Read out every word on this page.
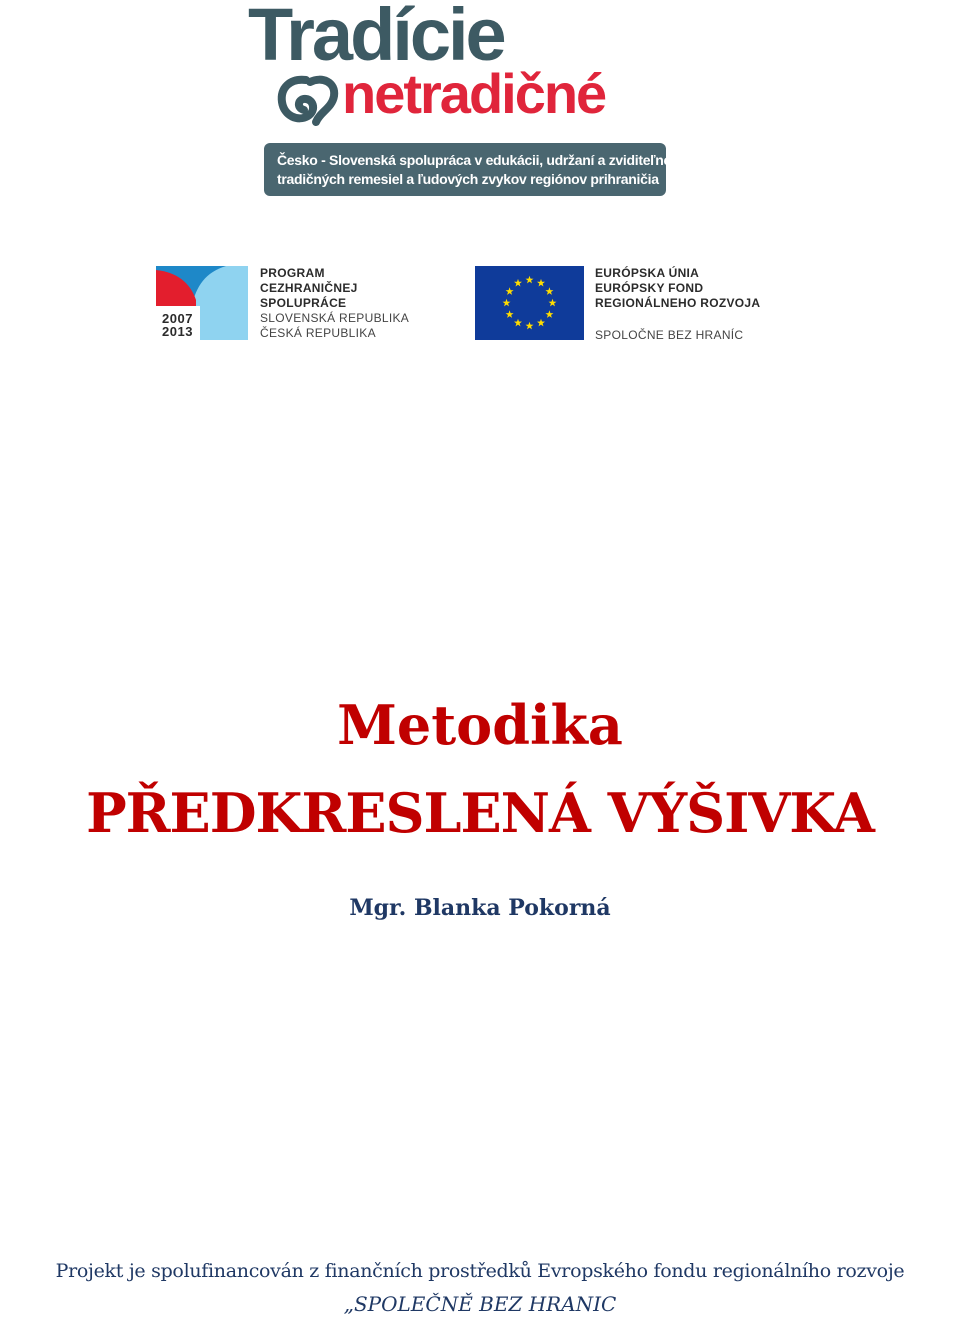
Tradície
netradičné
Česko - Slovenská spolupráca v edukácii, udržaní a zviditeľnení
tradičných remesiel a ľudových zvykov regiónov prihraničia
2007
2013
PROGRAM
CEZHRANIČNEJ
SPOLUPRÁCE
SLOVENSKÁ REPUBLIKA
ČESKÁ REPUBLIKA
EURÓPSKA ÚNIA
EURÓPSKY FOND
REGIONÁLNEHO ROZVOJA
SPOLOČNE BEZ HRANÍC
Metodika
PŘEDKRESLENÁ VÝŠIVKA
Mgr. Blanka Pokorná
Projekt je spolufinancován z finančních prostředků Evropského fondu regionálního rozvoje
„SPOLEČNĚ BEZ HRANIC
